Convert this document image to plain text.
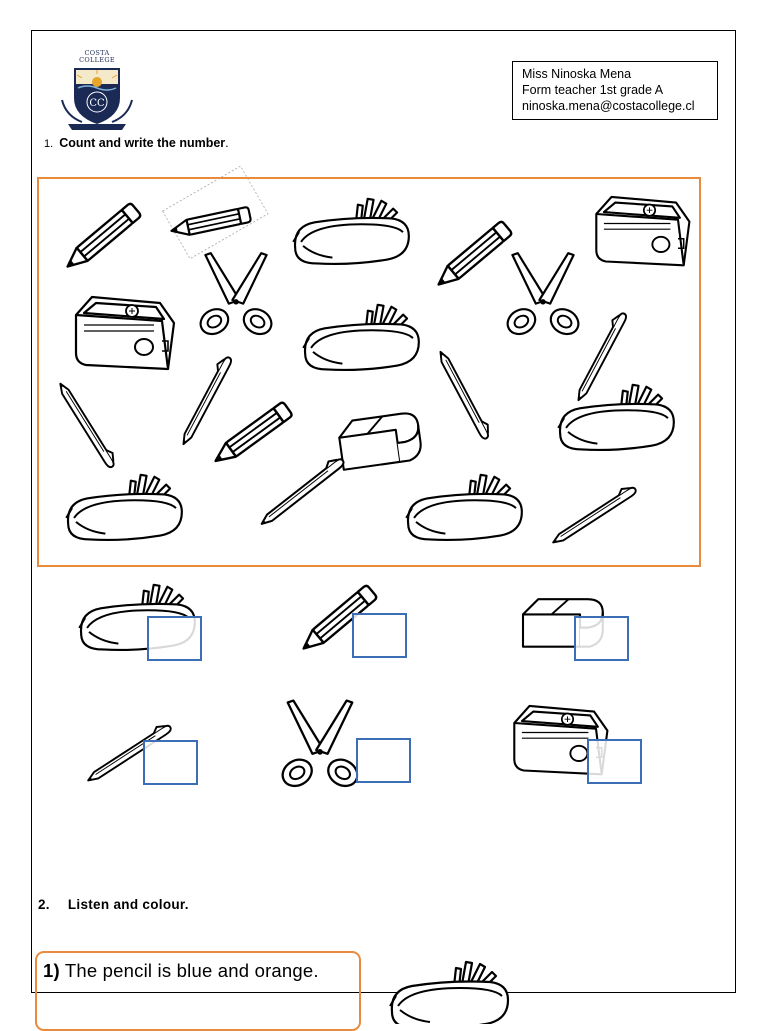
CC
COSTA
COLLEGE
Miss Ninoska Mena
Form teacher 1st grade A
ninoska.mena@costacollege.cl
1. Count and write the number.
2. Listen and colour.
1) The pencil is blue and orange.
